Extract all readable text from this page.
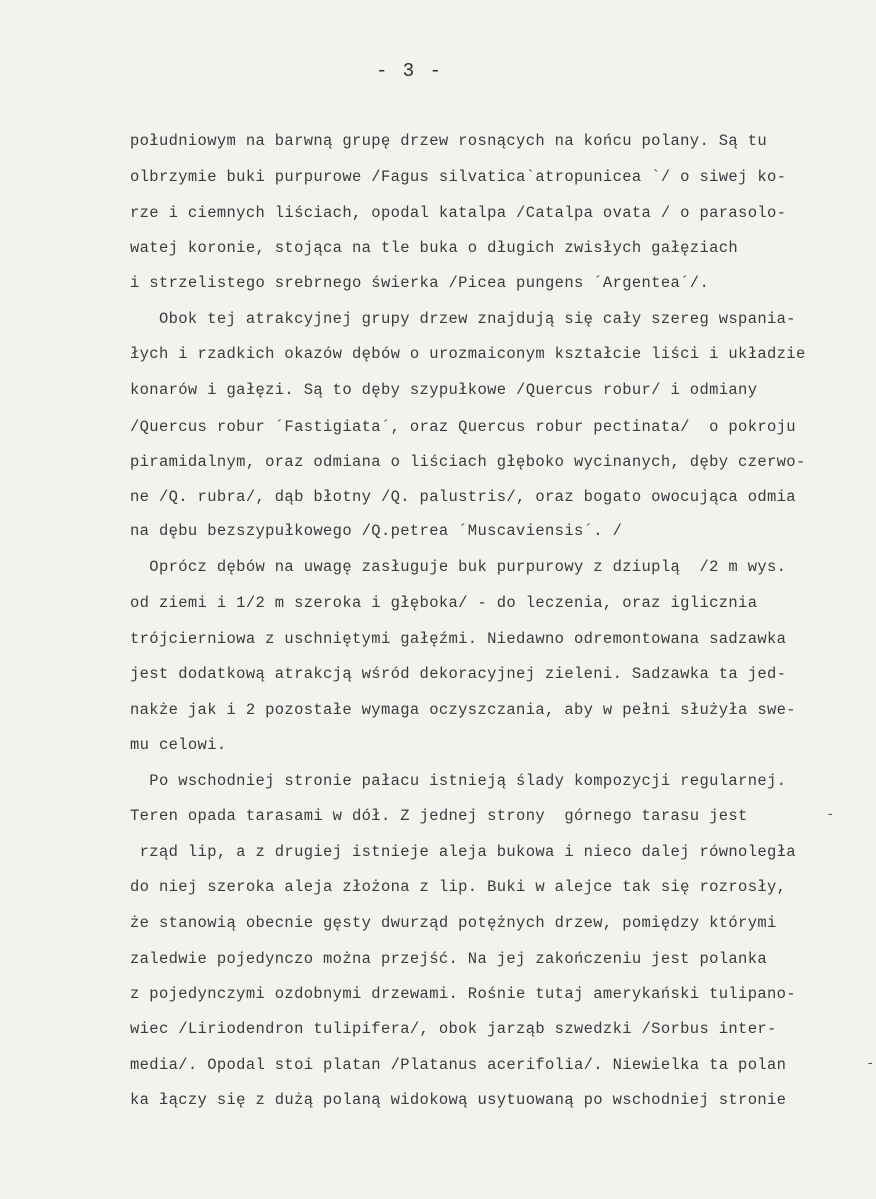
- 3 -
południowym na barwną grupę drzew rosnących na końcu polany. Są tu
olbrzymie buki purpurowe /Fagus silvatica`atropunicea `/ o siwej ko-
rze i ciemnych liściach, opodal katalpa /Catalpa ovata / o parasolo-
watej koronie, stojąca na tle buka o długich zwisłych gałęziach
i strzelistego srebrnego świerka /Picea pungens ´Argentea´/.
Obok tej atrakcyjnej grupy drzew znajdują się cały szereg wspania-
łych i rzadkich okazów dębów o urozmaiconym kształcie liści i układzie
konarów i gałęzi. Są to dęby szypułkowe /Quercus robur/ i odmiany
/Quercus robur ´Fastigiata´, oraz Quercus robur pectinata/  o pokroju
piramidalnym, oraz odmiana o liściach głęboko wycinanych, dęby czerwo-
ne /Q. rubra/, dąb błotny /Q. palustris/, oraz bogato owocująca odmia
na dębu bezszypułkowego /Q.petrea ´Muscaviensis´. /
Oprócz dębów na uwagę zasługuje buk purpurowy z dziuplą  /2 m wys.
od ziemi i 1/2 m szeroka i głęboka/ - do leczenia, oraz iglicznia
trójcierniowa z uschniętymi gałęźmi. Niedawno odremontowana sadzawka
jest dodatkową atrakcją wśród dekoracyjnej zieleni. Sadzawka ta jed-
nakże jak i 2 pozostałe wymaga oczyszczania, aby w pełni służyła swe-
mu celowi.
Po wschodniej stronie pałacu istnieją ślady kompozycji regularnej.
Teren opada tarasami w dół. Z jednej strony  górnego tarasu jest
rząd lip, a z drugiej istnieje aleja bukowa i nieco dalej równoległa
do niej szeroka aleja złożona z lip. Buki w alejce tak się rozrosły,
że stanowią obecnie gęsty dwurząd potężnych drzew, pomiędzy którymi
zaledwie pojedynczo można przejść. Na jej zakończeniu jest polanka
z pojedynczymi ozdobnymi drzewami. Rośnie tutaj amerykański tulipano-
wiec /Liriodendron tulipifera/, obok jarząb szwedzki /Sorbus inter-
media/. Opodal stoi platan /Platanus acerifolia/. Niewielka ta polan
ka łączy się z dużą polaną widokową usytuowaną po wschodniej stronie
-
-
